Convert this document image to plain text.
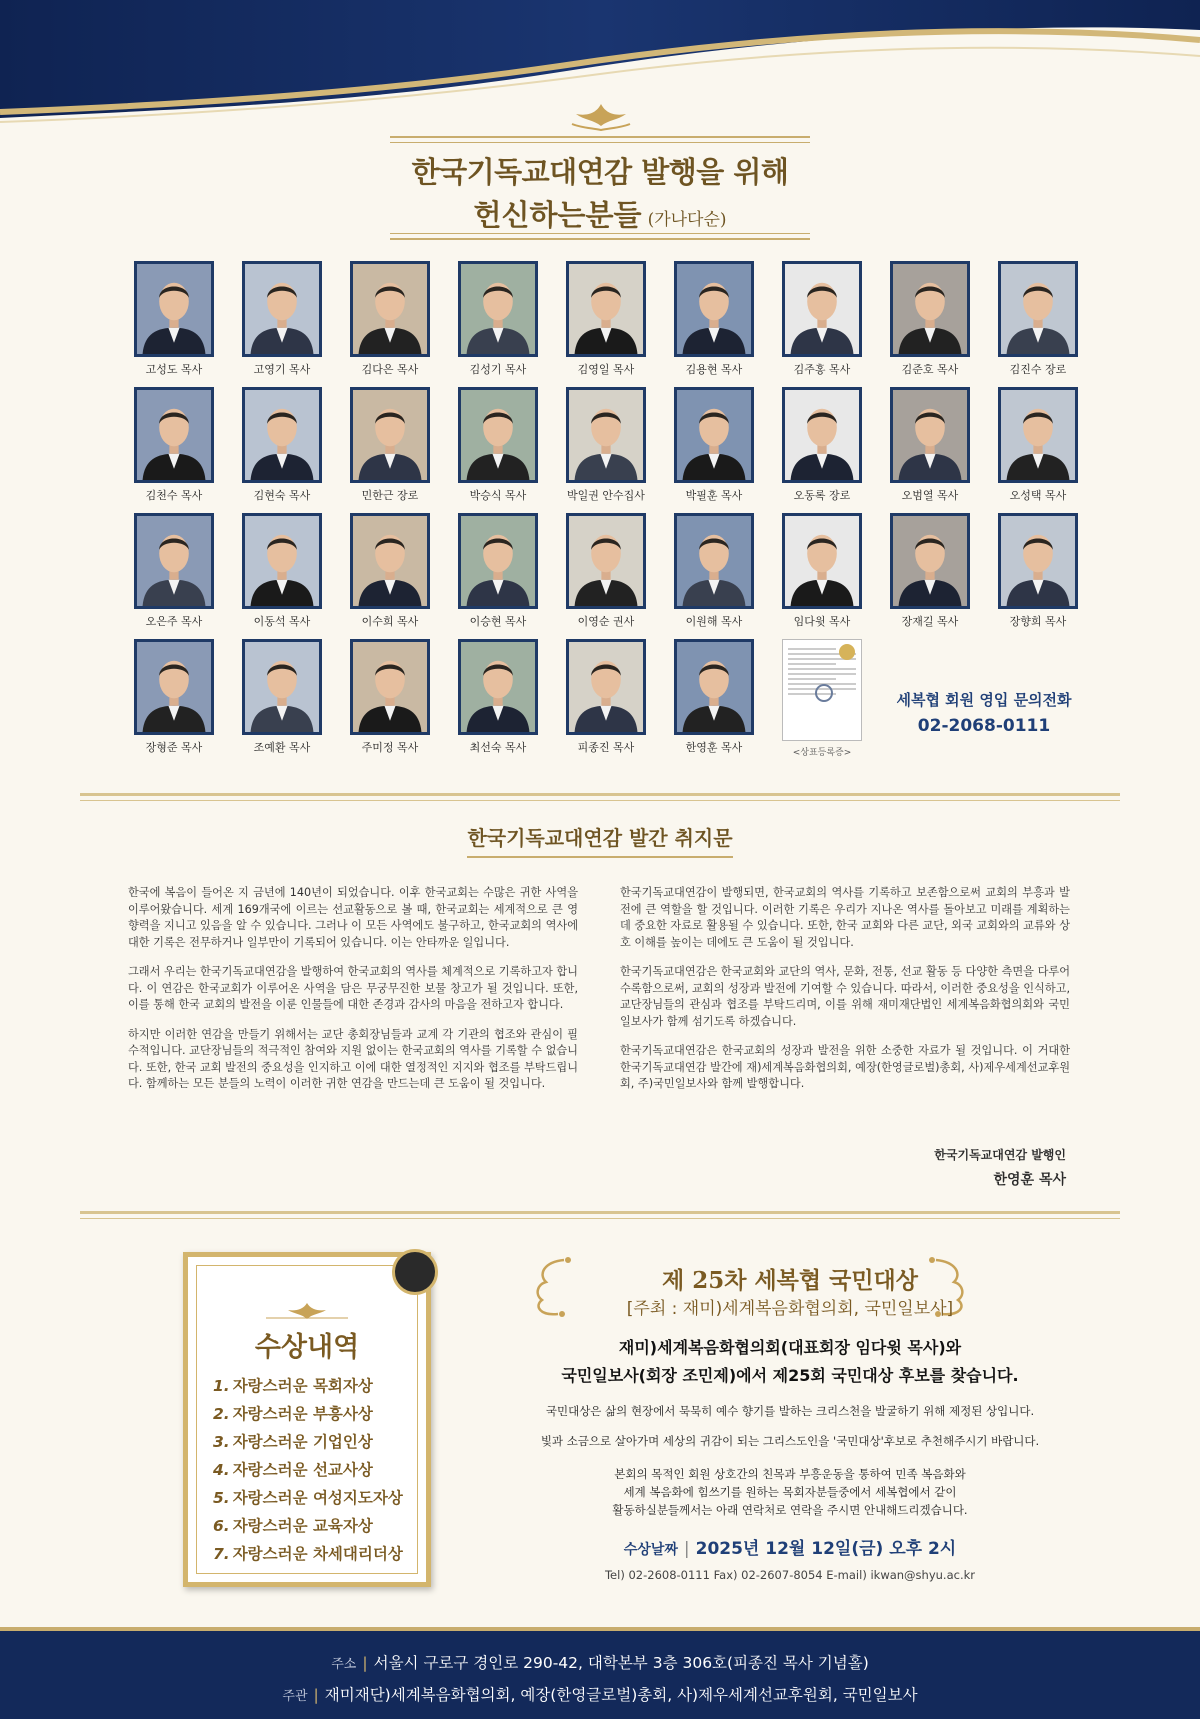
한국기독교대연감 발행을 위해
헌신하는분들 (가나다순)
고성도 목사	고영기 목사	김다은 목사	김성기 목사	김영일 목사	김용현 목사	김주홍 목사	김준호 목사	김진수 장로
김천수 목사	김현숙 목사	민한근 장로	박승식 목사	박일권 안수집사	박필훈 목사	오동록 장로	오범열 목사	오성택 목사
오은주 목사	이동석 목사	이수희 목사	이승현 목사	이영순 권사	이원해 목사	임다윗 목사	장재길 목사	장향희 목사
장형준 목사	조예환 목사	주미정 목사	최선숙 목사	피종진 목사	한영훈 목사	<상표등록증>
세복협 회원 영입 문의전화
02-2068-0111
한국기독교대연감 발간 취지문

한국에 복음이 들어온 지 금년에 140년이 되었습니다. 이후 한국교회는 수많은 귀한 사역을 이루어왔습니다. 세계 169개국에 이르는 선교활동으로 볼 때, 한국교회는 세계적으로 큰 영향력을 지니고 있음을 알 수 있습니다. 그러나 이 모든 사역에도 불구하고, 한국교회의 역사에 대한 기록은 전무하거나 일부만이 기록되어 있습니다. 이는 안타까운 일입니다.

그래서 우리는 한국기독교대연감을 발행하여 한국교회의 역사를 체계적으로 기록하고자 합니다. 이 연감은 한국교회가 이루어온 사역을 담은 무궁무진한 보물 창고가 될 것입니다. 또한, 이를 통해 한국 교회의 발전을 이룬 인물들에 대한 존경과 감사의 마음을 전하고자 합니다.

하지만 이러한 연감을 만들기 위해서는 교단 총회장님들과 교계 각 기관의 협조와 관심이 필수적입니다. 교단장님들의 적극적인 참여와 지원 없이는 한국교회의 역사를 기록할 수 없습니다. 또한, 한국 교회 발전의 중요성을 인지하고 이에 대한 열정적인 지지와 협조를 부탁드립니다. 함께하는 모든 분들의 노력이 이러한 귀한 연감을 만드는데 큰 도움이 될 것입니다.

한국기독교대연감이 발행되면, 한국교회의 역사를 기록하고 보존함으로써 교회의 부흥과 발전에 큰 역할을 할 것입니다. 이러한 기록은 우리가 지나온 역사를 돌아보고 미래를 계획하는 데 중요한 자료로 활용될 수 있습니다. 또한, 한국 교회와 다른 교단, 외국 교회와의 교류와 상호 이해를 높이는 데에도 큰 도움이 될 것입니다.

한국기독교대연감은 한국교회와 교단의 역사, 문화, 전통, 선교 활동 등 다양한 측면을 다루어 수록함으로써, 교회의 성장과 발전에 기여할 수 있습니다. 따라서, 이러한 중요성을 인식하고, 교단장님들의 관심과 협조를 부탁드리며, 이를 위해 재미재단법인 세계복음화협의회와 국민일보사가 함께 섬기도록 하겠습니다.

한국기독교대연감은 한국교회의 성장과 발전을 위한 소중한 자료가 될 것입니다. 이 거대한 한국기독교대연감 발간에 재)세계복음화협의회, 예장(한영글로벌)총회, 사)제우세계선교후원회, 주)국민일보사와 함께 발행합니다.

한국기독교대연감 발행인
한영훈 목사
수상내역
1. 자랑스러운 목회자상
2. 자랑스러운 부흥사상
3. 자랑스러운 기업인상
4. 자랑스러운 선교사상
5. 자랑스러운 여성지도자상
6. 자랑스러운 교육자상
7. 자랑스러운 차세대리더상
제 25차 세복협 국민대상
[주최 : 재미)세계복음화협의회, 국민일보사]
재미)세계복음화협의회(대표회장 임다윗 목사)와
국민일보사(회장 조민제)에서 제25회 국민대상 후보를 찾습니다.
국민대상은 삶의 현장에서 묵묵히 예수 향기를 발하는 크리스천을 발굴하기 위해 제정된 상입니다.
빛과 소금으로 살아가며 세상의 귀감이 되는 그리스도인을 '국민대상'후보로 추천해주시기 바랍니다.
본회의 목적인 회원 상호간의 친목과 부흥운동을 통하여 민족 복음화와
세계 복음화에 힘쓰기를 원하는 목회자분들중에서 세복협에서 같이
활동하실분들께서는 아래 연락처로 연락을 주시면 안내해드리겠습니다.
수상날짜 | 2025년 12월 12일(금) 오후 2시
Tel) 02-2608-0111 Fax) 02-2607-8054 E-mail) ikwan@shyu.ac.kr
주소 | 서울시 구로구 경인로 290-42, 대학본부 3층 306호(피종진 목사 기념홀)
주관 | 재미재단)세계복음화협의회, 예장(한영글로벌)총회, 사)제우세계선교후원회, 국민일보사
